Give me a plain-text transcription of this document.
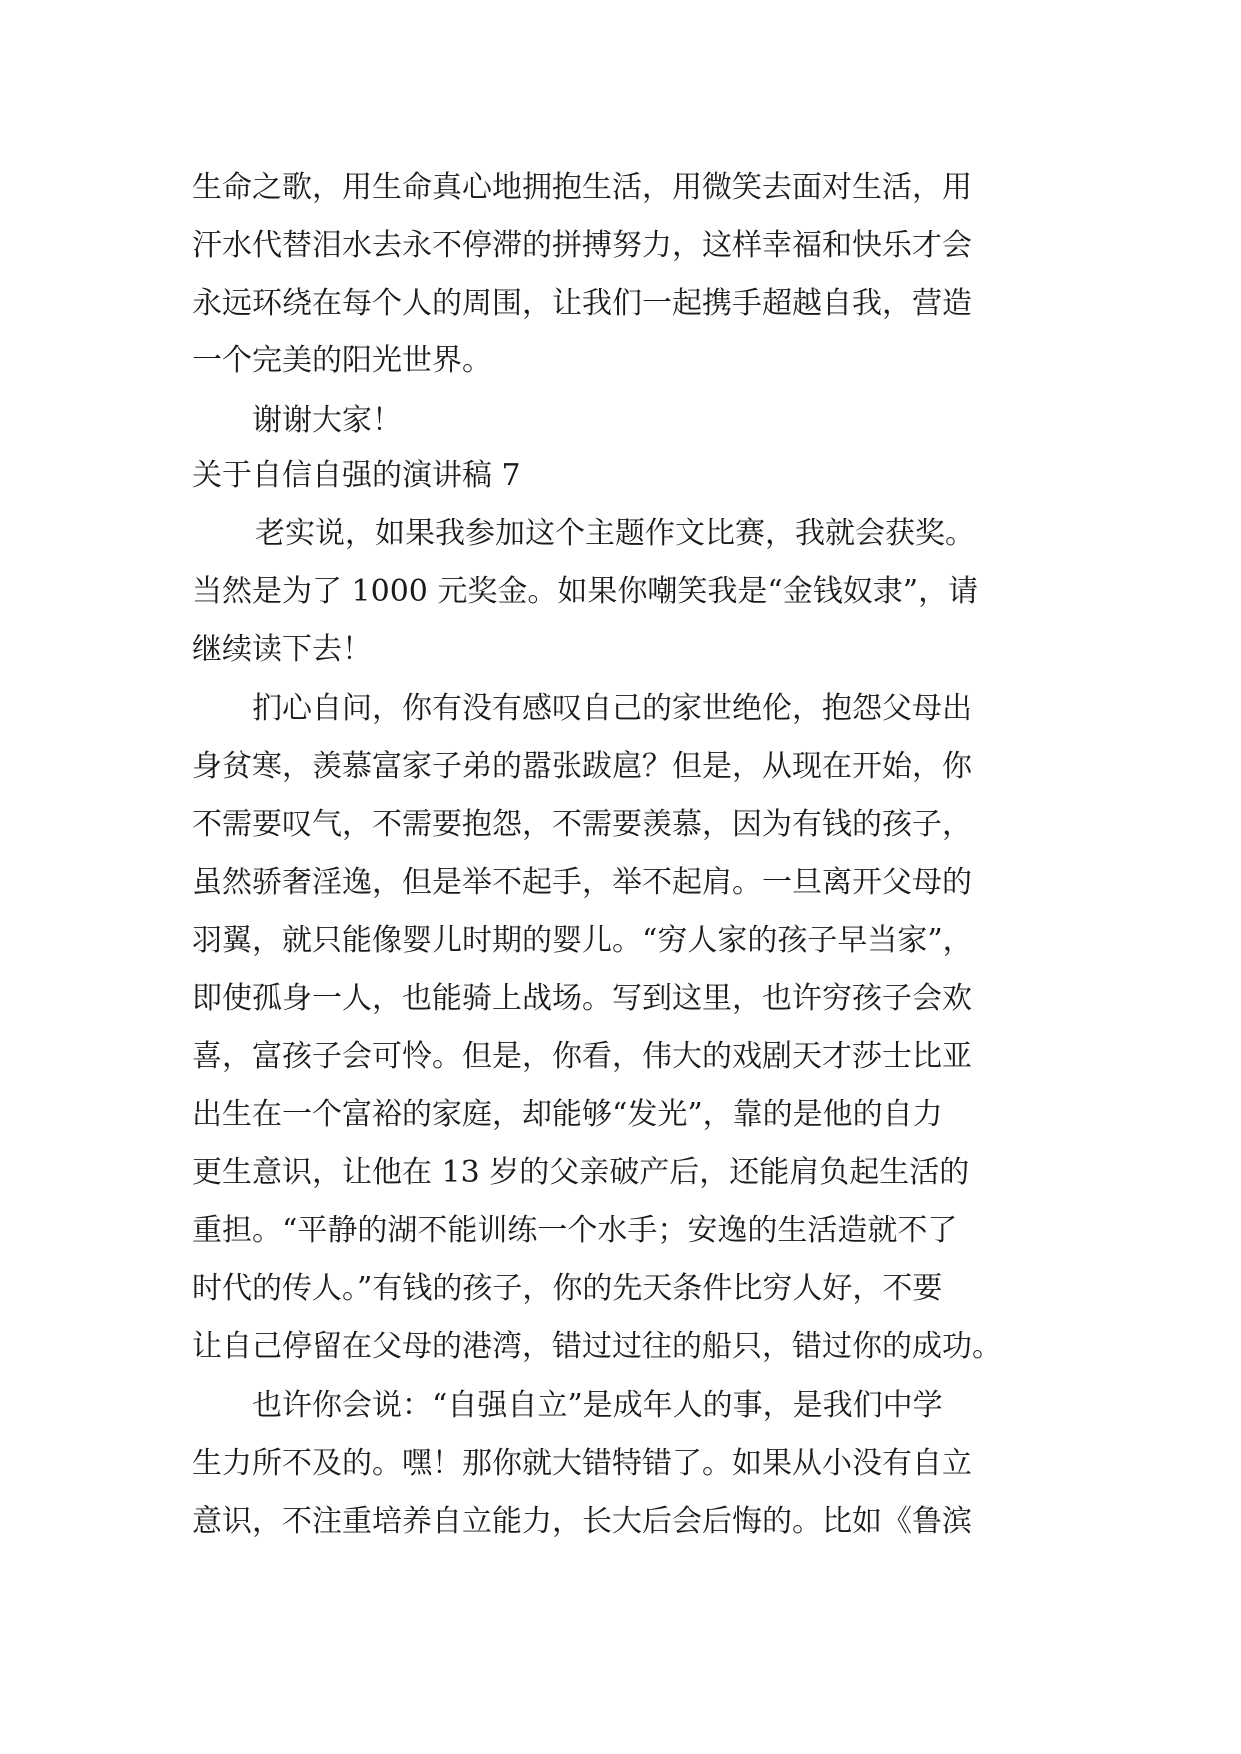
生命之歌，用生命真心地拥抱生活，用微笑去面对生活，用
汗水代替泪水去永不停滞的拼搏努力，这样幸福和快乐才会
永远环绕在每个人的周围，让我们一起携手超越自我，营造
一个完美的阳光世界。
谢谢大家！
关于自信自强的演讲稿 7
老实说，如果我参加这个主题作文比赛，我就会获奖。
当然是为了 1000 元奖金。如果你嘲笑我是“金钱奴隶”，请
继续读下去！
扪心自问，你有没有感叹自己的家世绝伦，抱怨父母出
身贫寒，羡慕富家子弟的嚣张跋扈？但是，从现在开始，你
不需要叹气，不需要抱怨，不需要羡慕，因为有钱的孩子，
虽然骄奢淫逸，但是举不起手，举不起肩。一旦离开父母的
羽翼，就只能像婴儿时期的婴儿。“穷人家的孩子早当家”，
即使孤身一人，也能骑上战场。写到这里，也许穷孩子会欢
喜，富孩子会可怜。但是，你看，伟大的戏剧天才莎士比亚
出生在一个富裕的家庭，却能够“发光”，靠的是他的自力
更生意识，让他在 13 岁的父亲破产后，还能肩负起生活的
重担。“平静的湖不能训练一个水手；安逸的生活造就不了
时代的传人。”有钱的孩子，你的先天条件比穷人好，不要
让自己停留在父母的港湾，错过过往的船只，错过你的成功。
也许你会说：“自强自立”是成年人的事，是我们中学
生力所不及的。嘿！那你就大错特错了。如果从小没有自立
意识，不注重培养自立能力，长大后会后悔的。比如《鲁滨
